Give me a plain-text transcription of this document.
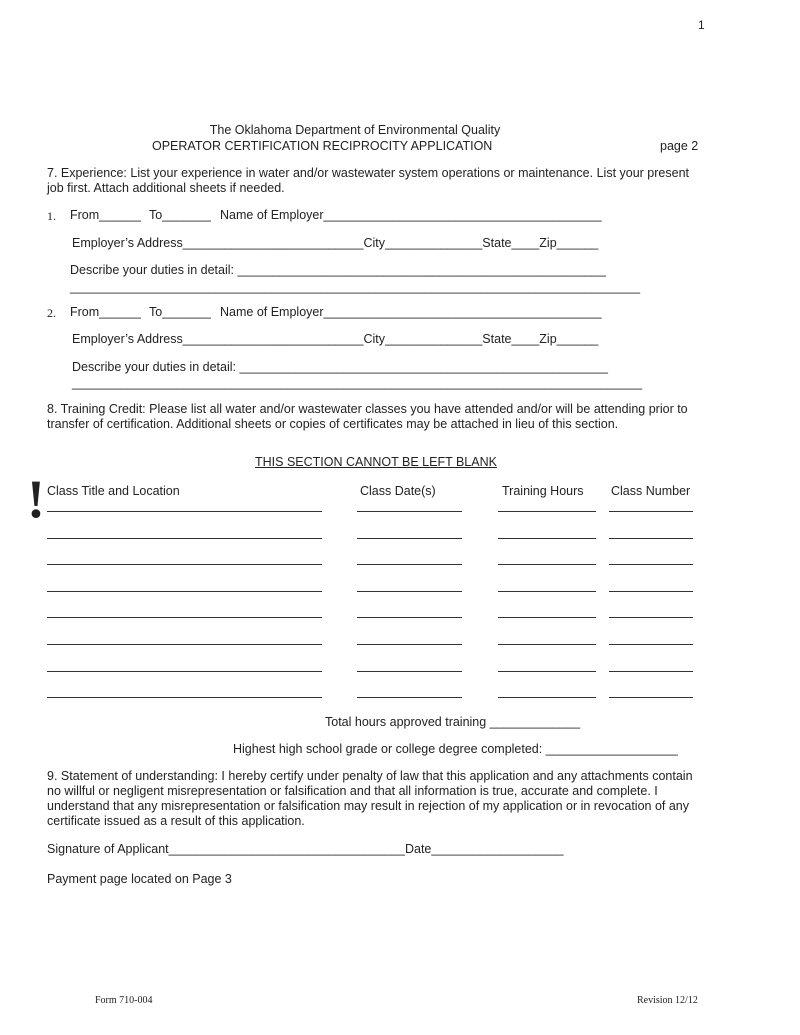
1
The Oklahoma Department of Environmental Quality
OPERATOR CERTIFICATION RECIPROCITY APPLICATION	page 2
7. Experience: List your experience in water and/or wastewater system operations or maintenance. List your present job first. Attach additional sheets if needed.
1. From______ To_______ Name of Employer________________________________________
Employer’s Address__________________________City______________State____Zip______
Describe your duties in detail: _____________________________________________________
__________________________________________________________________________________
2. From______ To_______ Name of Employer________________________________________
Employer’s Address__________________________City______________State____Zip______
Describe your duties in detail: _____________________________________________________
__________________________________________________________________________________
8. Training Credit: Please list all water and/or wastewater classes you have attended and/or will be attending prior to transfer of certification. Additional sheets or copies of certificates may be attached in lieu of this section.
THIS SECTION CANNOT BE LEFT BLANK
! Class Title and Location	Class Date(s)	Training Hours Class Number
Total hours approved training _____________
Highest high school grade or college degree completed: ___________________
9. Statement of understanding: I hereby certify under penalty of law that this application and any attachments contain no willful or negligent misrepresentation or falsification and that all information is true, accurate and complete. I understand that any misrepresentation or falsification may result in rejection of my application or in revocation of any certificate issued as a result of this application.
Signature of Applicant__________________________________Date___________________
Payment page located on Page 3
Form 710-004	Revision 12/12
